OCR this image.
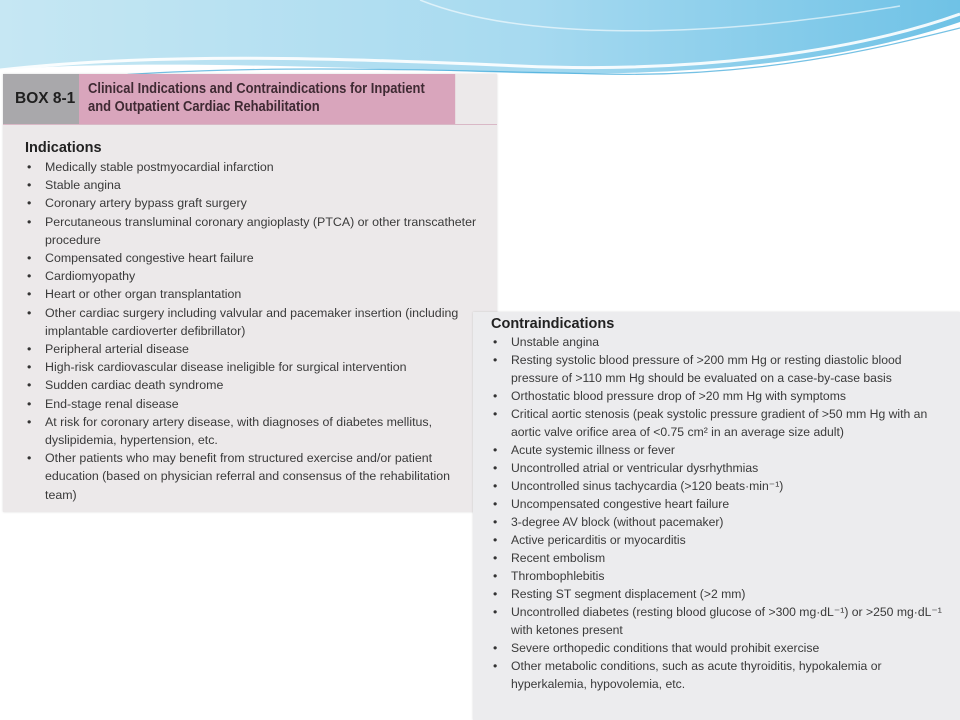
BOX 8-1
Clinical Indications and Contraindications for Inpatient and Outpatient Cardiac Rehabilitation
Indications
• Medically stable postmyocardial infarction
• Stable angina
• Coronary artery bypass graft surgery
• Percutaneous transluminal coronary angioplasty (PTCA) or other transcatheter procedure
• Compensated congestive heart failure
• Cardiomyopathy
• Heart or other organ transplantation
• Other cardiac surgery including valvular and pacemaker insertion (including implantable cardioverter defibrillator)
• Peripheral arterial disease
• High-risk cardiovascular disease ineligible for surgical intervention
• Sudden cardiac death syndrome
• End-stage renal disease
• At risk for coronary artery disease, with diagnoses of diabetes mellitus, dyslipidemia, hypertension, etc.
• Other patients who may benefit from structured exercise and/or patient education (based on physician referral and consensus of the rehabilitation team)
Contraindications
• Unstable angina
• Resting systolic blood pressure of >200 mm Hg or resting diastolic blood pressure of >110 mm Hg should be evaluated on a case-by-case basis
• Orthostatic blood pressure drop of >20 mm Hg with symptoms
• Critical aortic stenosis (peak systolic pressure gradient of >50 mm Hg with an aortic valve orifice area of <0.75 cm² in an average size adult)
• Acute systemic illness or fever
• Uncontrolled atrial or ventricular dysrhythmias
• Uncontrolled sinus tachycardia (>120 beats·min⁻¹)
• Uncompensated congestive heart failure
• 3-degree AV block (without pacemaker)
• Active pericarditis or myocarditis
• Recent embolism
• Thrombophlebitis
• Resting ST segment displacement (>2 mm)
• Uncontrolled diabetes (resting blood glucose of >300 mg·dL⁻¹) or >250 mg·dL⁻¹ with ketones present
• Severe orthopedic conditions that would prohibit exercise
• Other metabolic conditions, such as acute thyroiditis, hypokalemia or hyperkalemia, hypovolemia, etc.
